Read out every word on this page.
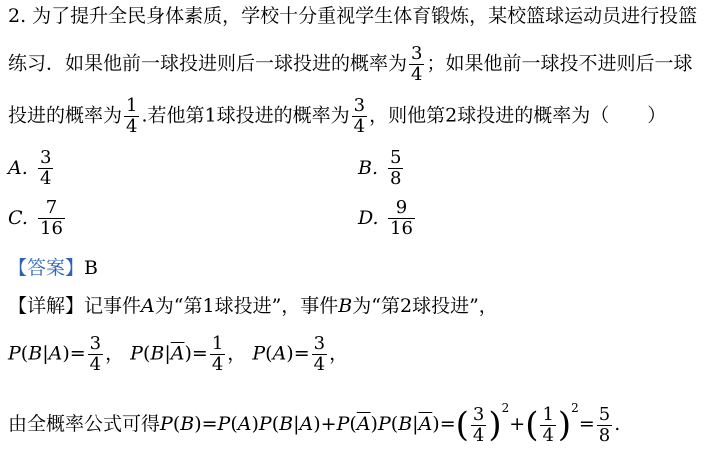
2. 为了提升全民身体素质，学校十分重视学生体育锻炼，某校篮球运动员进行投篮
练习．如果他前一球投进则后一球投进的概率为 $\frac{3}{4}$ ；如果他前一球投不进则后一球
投进的概率为 $\frac{1}{4}$ .若他第1球投进的概率为 $\frac{3}{4}$ ，则他第2球投进的概率为（　　）
A. $\frac{3}{4}$	B. $\frac{5}{8}$
C. $\frac{7}{16}$	D. $\frac{9}{16}$
【答案】B
【详解】记事件A为“第1球投进”，事件B为“第2球投进”，
$P(B|A)= \frac{3}{4}$ ， $P(B|\overline{A})= \frac{1}{4}$ ， $P(A)= \frac{3}{4}$ ，
由全概率公式可得$P(B)=P(A)P(B|A)+P(\overline{A})P(B|\overline{A})=( \frac{3}{4} )^2+( \frac{1}{4} )^2= \frac{5}{8}$ .
